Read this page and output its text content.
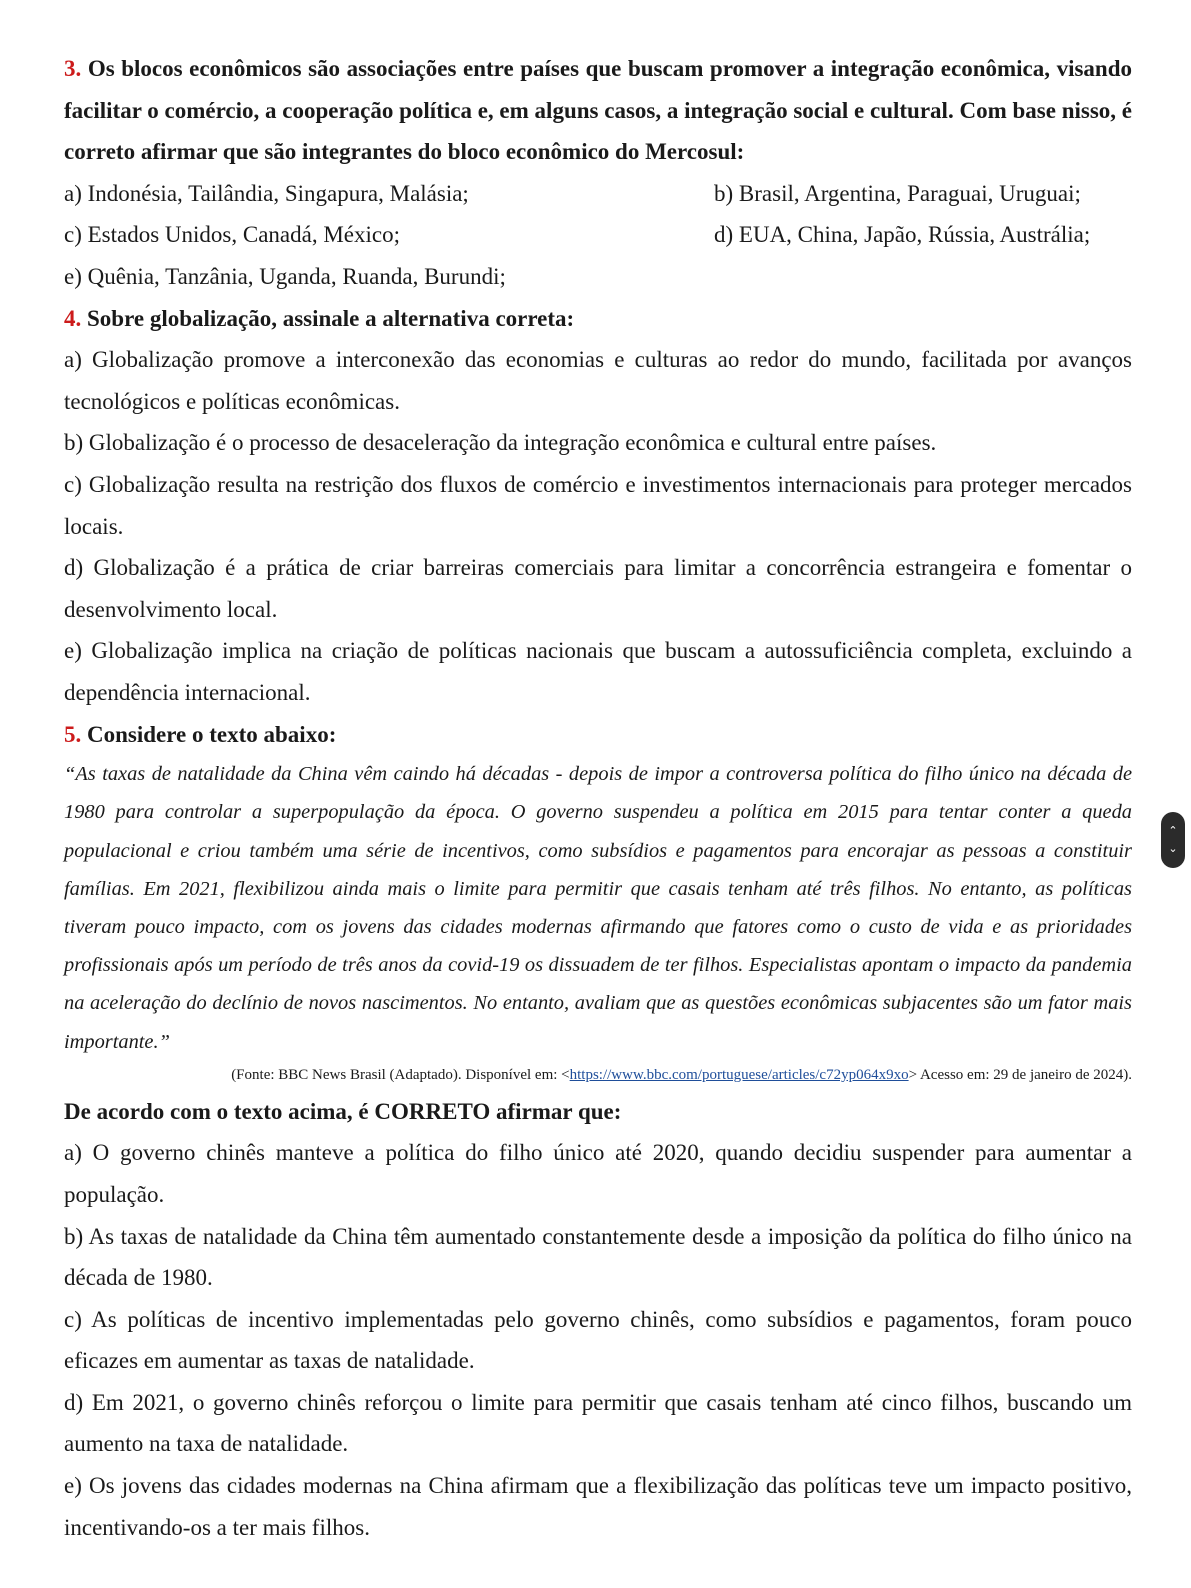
3. Os blocos econômicos são associações entre países que buscam promover a integração econômica, visando facilitar o comércio, a cooperação política e, em alguns casos, a integração social e cultural. Com base nisso, é correto afirmar que são integrantes do bloco econômico do Mercosul:

a) Indonésia, Tailândia, Singapura, Malásia;	b) Brasil, Argentina, Paraguai, Uruguai;

c) Estados Unidos, Canadá, México;	d) EUA, China, Japão, Rússia, Austrália;

e) Quênia, Tanzânia, Uganda, Ruanda, Burundi;

4. Sobre globalização, assinale a alternativa correta:

a) Globalização promove a interconexão das economias e culturas ao redor do mundo, facilitada por avanços tecnológicos e políticas econômicas.

b) Globalização é o processo de desaceleração da integração econômica e cultural entre países.

c) Globalização resulta na restrição dos fluxos de comércio e investimentos internacionais para proteger mercados locais.

d) Globalização é a prática de criar barreiras comerciais para limitar a concorrência estrangeira e fomentar o desenvolvimento local.

e) Globalização implica na criação de políticas nacionais que buscam a autossuficiência completa, excluindo a dependência internacional.

5. Considere o texto abaixo:

“As taxas de natalidade da China vêm caindo há décadas - depois de impor a controversa política do filho único na década de 1980 para controlar a superpopulação da época. O governo suspendeu a política em 2015 para tentar conter a queda populacional e criou também uma série de incentivos, como subsídios e pagamentos para encorajar as pessoas a constituir famílias. Em 2021, flexibilizou ainda mais o limite para permitir que casais tenham até três filhos. No entanto, as políticas tiveram pouco impacto, com os jovens das cidades modernas afirmando que fatores como o custo de vida e as prioridades profissionais após um período de três anos da covid-19 os dissuadem de ter filhos. Especialistas apontam o impacto da pandemia na aceleração do declínio de novos nascimentos. No entanto, avaliam que as questões econômicas subjacentes são um fator mais importante.”

(Fonte: BBC News Brasil (Adaptado). Disponível em: <https://www.bbc.com/portuguese/articles/c72yp064x9xo> Acesso em: 29 de janeiro de 2024).

De acordo com o texto acima, é CORRETO afirmar que:

a) O governo chinês manteve a política do filho único até 2020, quando decidiu suspender para aumentar a população.

b) As taxas de natalidade da China têm aumentado constantemente desde a imposição da política do filho único na década de 1980.

c) As políticas de incentivo implementadas pelo governo chinês, como subsídios e pagamentos, foram pouco eficazes em aumentar as taxas de natalidade.

d) Em 2021, o governo chinês reforçou o limite para permitir que casais tenham até cinco filhos, buscando um aumento na taxa de natalidade.

e) Os jovens das cidades modernas na China afirmam que a flexibilização das políticas teve um impacto positivo, incentivando-os a ter mais filhos.

⌃
⌄
